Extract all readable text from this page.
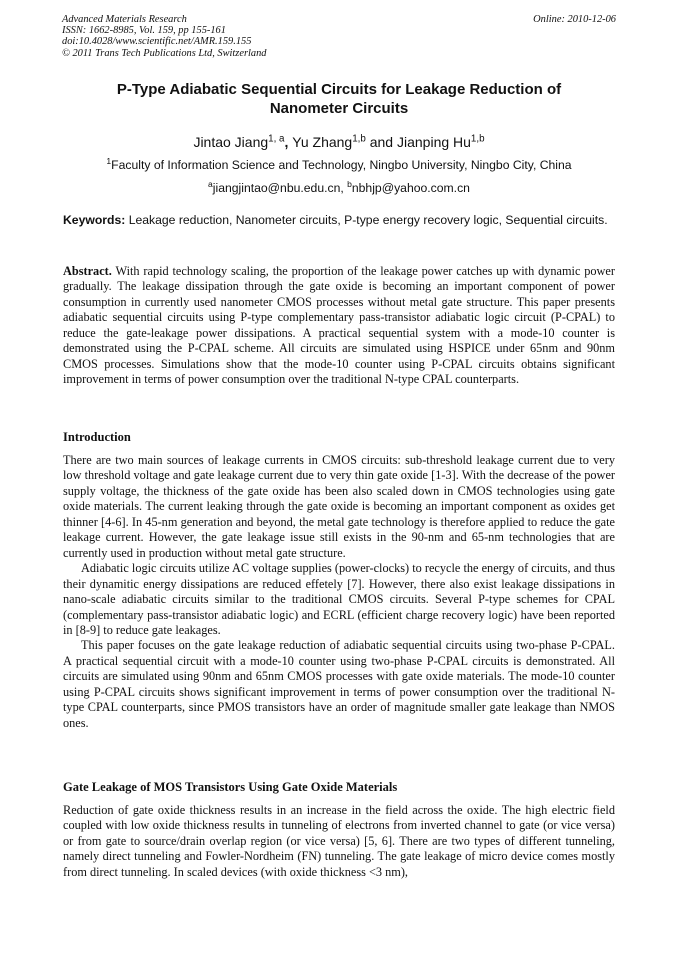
Advanced Materials Research
ISSN: 1662-8985, Vol. 159, pp 155-161
doi:10.4028/www.scientific.net/AMR.159.155
© 2011 Trans Tech Publications Ltd, Switzerland
Online: 2010-12-06
P-Type Adiabatic Sequential Circuits for Leakage Reduction of
Nanometer Circuits
Jintao Jiang$^{1, a}$, Yu Zhang$^{1,b}$ and Jianping Hu$^{1,b}$
$^1$Faculty of Information Science and Technology, Ningbo University, Ningbo City, China
$^a$jiangjintao@nbu.edu.cn, $^b$nbhjp@yahoo.com.cn
Keywords: Leakage reduction, Nanometer circuits, P-type energy recovery logic, Sequential circuits.
Abstract. With rapid technology scaling, the proportion of the leakage power catches up with dynamic power gradually. The leakage dissipation through the gate oxide is becoming an important component of power consumption in currently used nanometer CMOS processes without metal gate structure. This paper presents adiabatic sequential circuits using P-type complementary pass-transistor adiabatic logic circuit (P-CPAL) to reduce the gate-leakage power dissipations. A practical sequential system with a mode-10 counter is demonstrated using the P-CPAL scheme. All circuits are simulated using HSPICE under 65nm and 90nm CMOS processes. Simulations show that the mode-10 counter using P-CPAL circuits obtains significant improvement in terms of power consumption over the traditional N-type CPAL counterparts.
Introduction

There are two main sources of leakage currents in CMOS circuits: sub-threshold leakage current due to very low threshold voltage and gate leakage current due to very thin gate oxide [1-3]. With the decrease of the power supply voltage, the thickness of the gate oxide has been also scaled down in CMOS technologies using gate oxide materials. The current leaking through the gate oxide is becoming an important component as oxides get thinner [4-6]. In 45-nm generation and beyond, the metal gate technology is therefore applied to reduce the gate leakage current. However, the gate leakage issue still exists in the 90-nm and 65-nm technologies that are currently used in production without metal gate structure.

Adiabatic logic circuits utilize AC voltage supplies (power-clocks) to recycle the energy of circuits, and thus their dynamitic energy dissipations are reduced effetely [7]. However, there also exist leakage dissipations in nano-scale adiabatic circuits similar to the traditional CMOS circuits. Several P-type schemes for CPAL (complementary pass-transistor adiabatic logic) and ECRL (efficient charge recovery logic) have been reported in [8-9] to reduce gate leakages.

This paper focuses on the gate leakage reduction of adiabatic sequential circuits using two-phase P-CPAL. A practical sequential circuit with a mode-10 counter using two-phase P-CPAL circuits is demonstrated. All circuits are simulated using 90nm and 65nm CMOS processes with gate oxide materials. The mode-10 counter using P-CPAL circuits shows significant improvement in terms of power consumption over the traditional N-type CPAL counterparts, since PMOS transistors have an order of magnitude smaller gate leakage than NMOS ones.

Gate Leakage of MOS Transistors Using Gate Oxide Materials

Reduction of gate oxide thickness results in an increase in the field across the oxide. The high electric field coupled with low oxide thickness results in tunneling of electrons from inverted channel to gate (or vice versa) or from gate to source/drain overlap region (or vice versa) [5, 6]. There are two types of different tunneling, namely direct tunneling and Fowler-Nordheim (FN) tunneling. The gate leakage of micro device comes mostly from direct tunneling. In scaled devices (with oxide thickness <3 nm),
